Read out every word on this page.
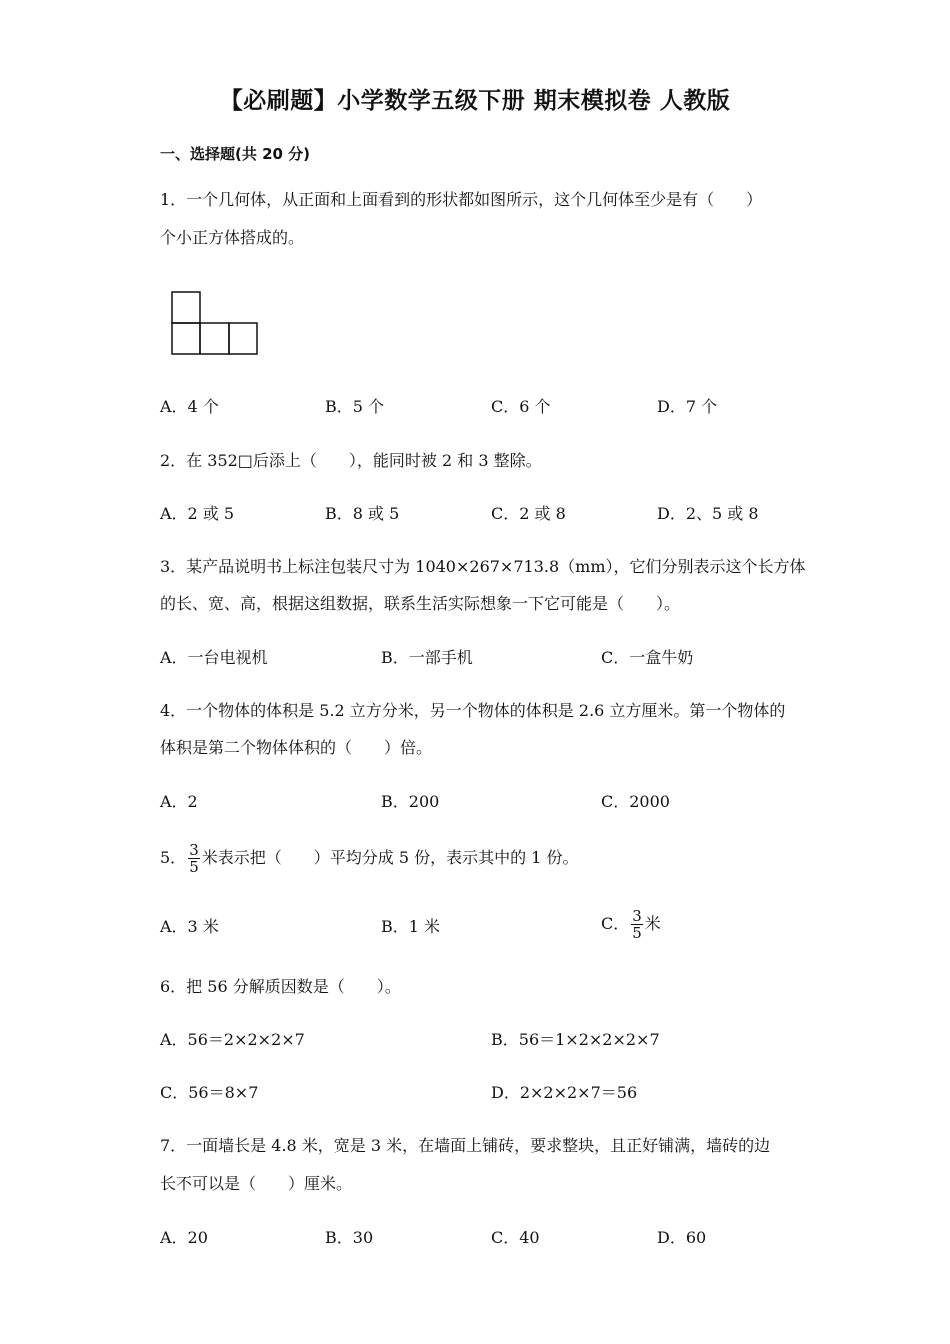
【必刷题】小学数学五级下册 期末模拟卷 人教版
一、选择题(共 20 分)
1．一个几何体，从正面和上面看到的形状都如图所示，这个几何体至少是有（　　）
个小正方体搭成的。
A．4 个	B．5 个	C．6 个	D．7 个
2．在 352□后添上（　　），能同时被 2 和 3 整除。
A．2 或 5	B．8 或 5	C．2 或 8	D．2、5 或 8
3．某产品说明书上标注包装尺寸为 1040×267×713.8（mm），它们分别表示这个长方体
的长、宽、高，根据这组数据，联系生活实际想象一下它可能是（　　）。
A．一台电视机	B．一部手机	C．一盒牛奶
4．一个物体的体积是 5.2 立方分米，另一个物体的体积是 2.6 立方厘米。第一个物体的
体积是第二个物体体积的（　　）倍。
A．2	B．200	C．2000
5． $\frac{3}{5}$ 米表示把（　　）平均分成 5 份，表示其中的 1 份。
A．3 米	B．1 米	C． $\frac{3}{5}$ 米
6．把 56 分解质因数是（　　）。
A．56＝2×2×2×7	B．56＝1×2×2×2×7
C．56＝8×7	D．2×2×2×7＝56
7．一面墙长是 4.8 米，宽是 3 米，在墙面上铺砖，要求整块，且正好铺满，墙砖的边
长不可以是（　　）厘米。
A．20	B．30	C．40	D．60
